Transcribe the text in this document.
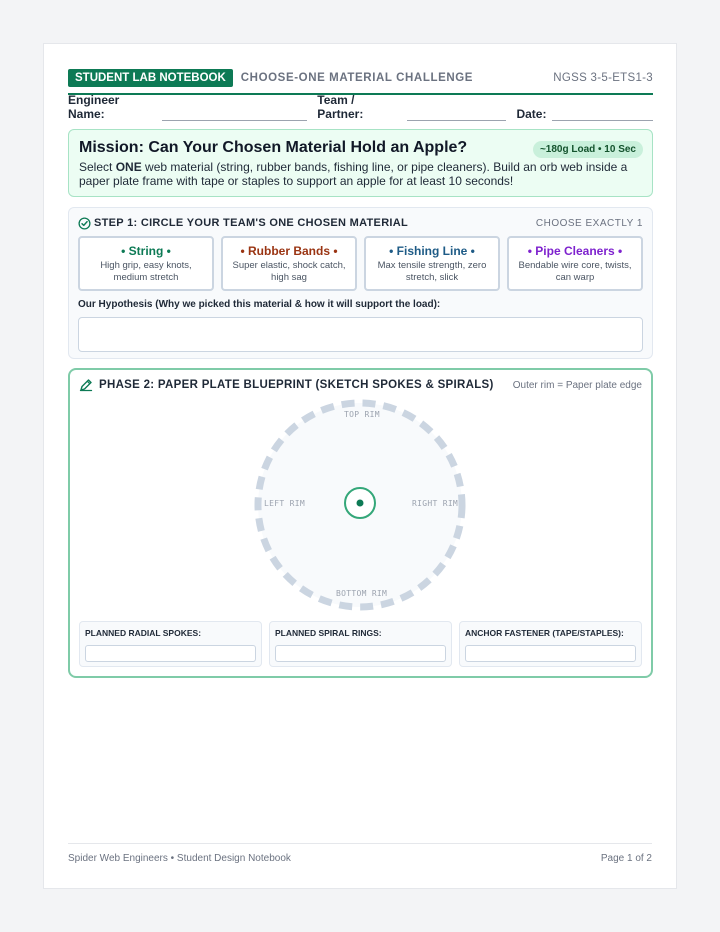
STUDENT LAB NOTEBOOK	CHOOSE-ONE MATERIAL CHALLENGE	NGSS 3-5-ETS1-3
Engineer Name:
Team / Partner:	Date:
Mission: Can Your Chosen Material Hold an Apple?	~180g Load • 10 Sec

Select ONE web material (string, rubber bands, fishing line, or pipe cleaners). Build an orb web inside a paper plate frame with tape or staples to support an apple for at least 10 seconds!

STEP 1: CIRCLE YOUR TEAM'S ONE CHOSEN MATERIAL	CHOOSE EXACTLY 1
• String •
High grip, easy knots, medium stretch
• Rubber Bands •
Super elastic, shock catch, high sag
• Fishing Line •
Max tensile strength, zero stretch, slick
• Pipe Cleaners •
Bendable wire core, twists, can warp
Our Hypothesis (Why we picked this material & how it will support the load):
PHASE 2: PAPER PLATE BLUEPRINT (SKETCH SPOKES & SPIRALS) Outer rim = Paper plate edge
TOP RIM
LEFT RIM	RIGHT RIM
BOTTOM RIM
PLANNED RADIAL SPOKES:	PLANNED SPIRAL RINGS:	ANCHOR FASTENER (TAPE/STAPLES):
Spider Web Engineers • Student Design Notebook	Page 1 of 2
